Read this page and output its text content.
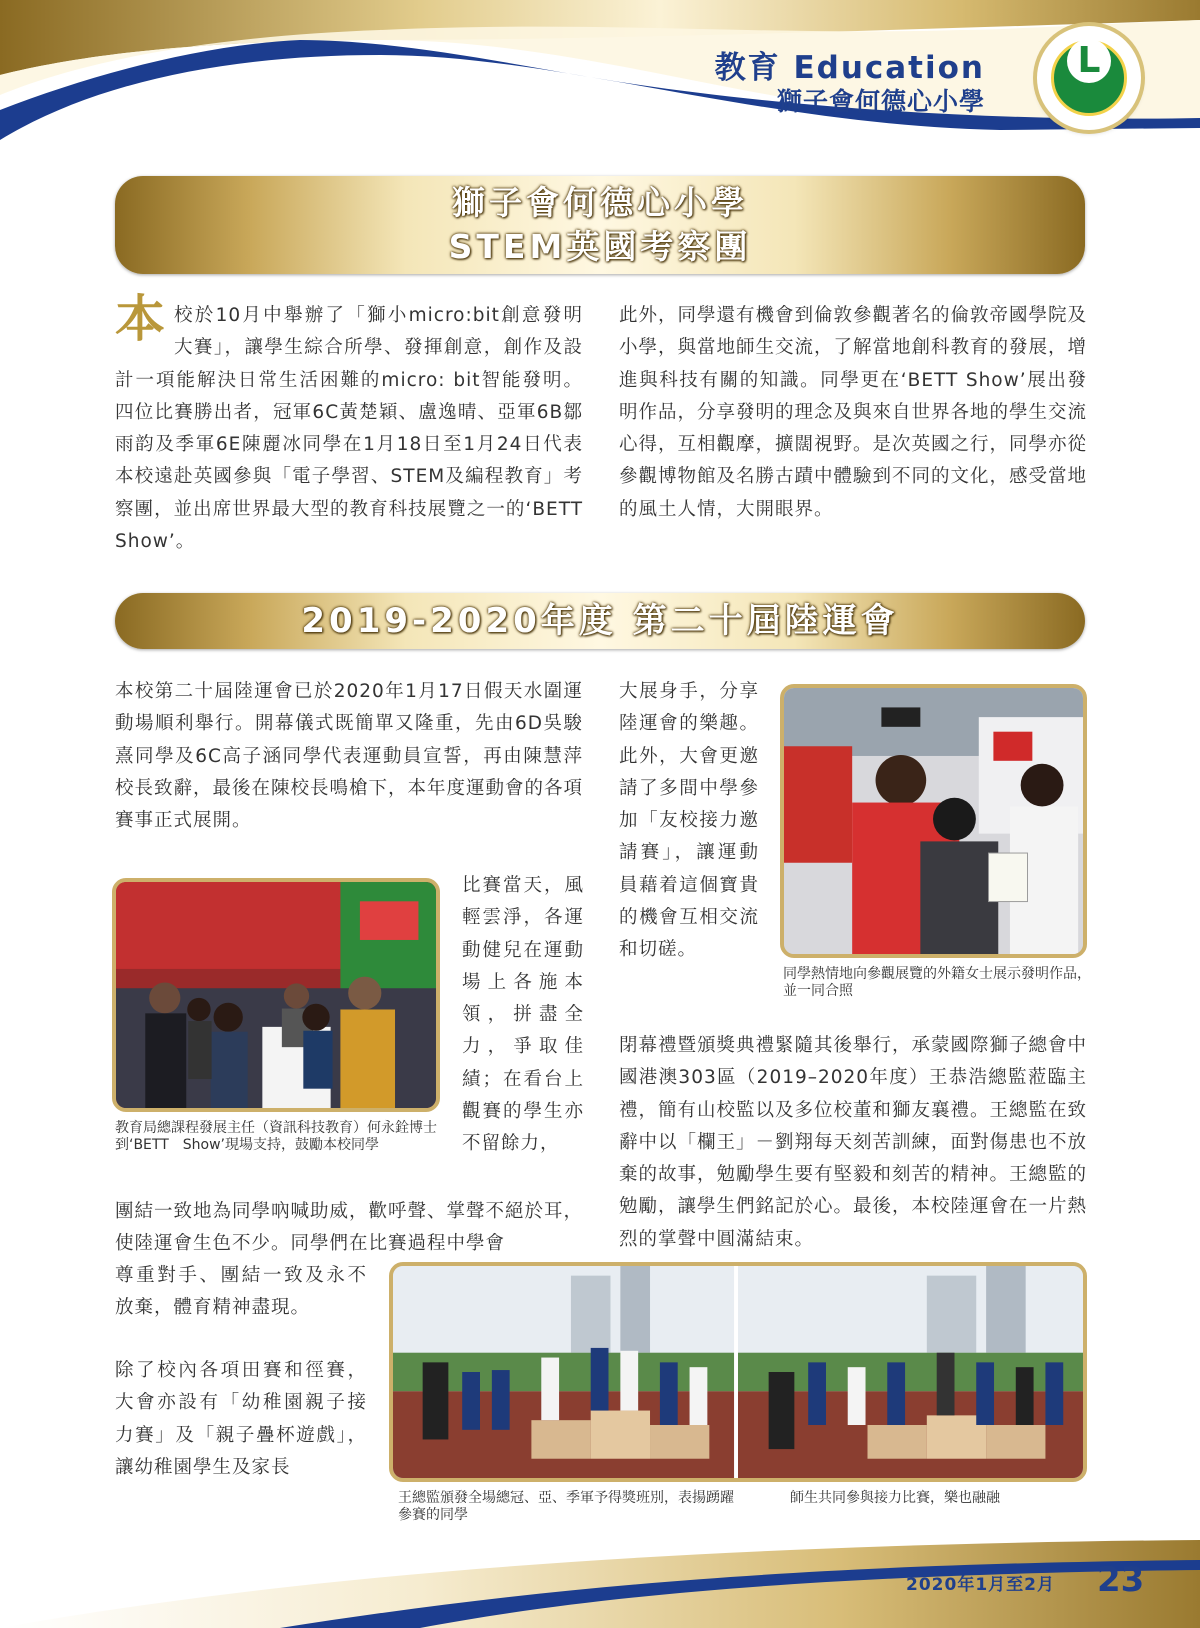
教育 Education
獅子會何德心小學
L
獅子會何德心小學
STEM英國考察團
本校於10月中舉辦了「獅小micro:bit創意發明大賽」，讓學生綜合所學、發揮創意，創作及設計一項能解決日常生活困難的micro: bit智能發明。四位比賽勝出者，冠軍6C黃楚穎、盧逸晴、亞軍6B鄒雨韵及季軍6E陳麗冰同學在1月18日至1月24日代表本校遠赴英國參與「電子學習、STEM及編程教育」考察團，並出席世界最大型的教育科技展覽之一的‘BETT Show’。
此外，同學還有機會到倫敦參觀著名的倫敦帝國學院及小學，與當地師生交流，了解當地創科教育的發展，增進與科技有關的知識。同學更在‘BETT Show’展出發明作品，分享發明的理念及與來自世界各地的學生交流心得，互相觀摩，擴闊視野。是次英國之行，同學亦從參觀博物館及名勝古蹟中體驗到不同的文化，感受當地的風土人情，大開眼界。
2019-2020年度 第二十屆陸運會
本校第二十屆陸運會已於2020年1月17日假天水圍運動場順利舉行。開幕儀式既簡單又隆重，先由6D吳駿熹同學及6C高子涵同學代表運動員宣誓，再由陳慧萍校長致辭，最後在陳校長鳴槍下，本年度運動會的各項賽事正式展開。
教育局總課程發展主任（資訊科技教育）何永銓博士到‘BETT　Show’現場支持，鼓勵本校同學
比賽當天，風輕雲淨，各運動健兒在運動場上各施本領，拼盡全力，爭取佳績；在看台上觀賽的學生亦不留餘力，
團結一致地為同學吶喊助威，歡呼聲、掌聲不絕於耳，使陸運會生色不少。同學們在比賽過程中學會
尊重對手、團結一致及永不放棄，體育精神盡現。
除了校內各項田賽和徑賽，大會亦設有「幼稚園親子接力賽」及「親子疊杯遊戲」，讓幼稚園學生及家長
大展身手，分享陸運會的樂趣。此外，大會更邀請了多間中學參加「友校接力邀請賽」，讓運動員藉着這個寶貴的機會互相交流和切磋。
同學熱情地向參觀展覽的外籍女士展示發明作品，並一同合照
閉幕禮暨頒獎典禮緊隨其後舉行，承蒙國際獅子總會中國港澳303區（2019–2020年度）王恭浩總監蒞臨主禮，簡有山校監以及多位校董和獅友襄禮。王總監在致辭中以「欄王」－劉翔每天刻苦訓練，面對傷患也不放棄的故事，勉勵學生要有堅毅和刻苦的精神。王總監的勉勵，讓學生們銘記於心。最後，本校陸運會在一片熱烈的掌聲中圓滿結束。
王總監頒發全場總冠、亞、季軍予得獎班別，表揚踴躍參賽的同學
師生共同參與接力比賽，樂也融融
2020年1月至2月 23
